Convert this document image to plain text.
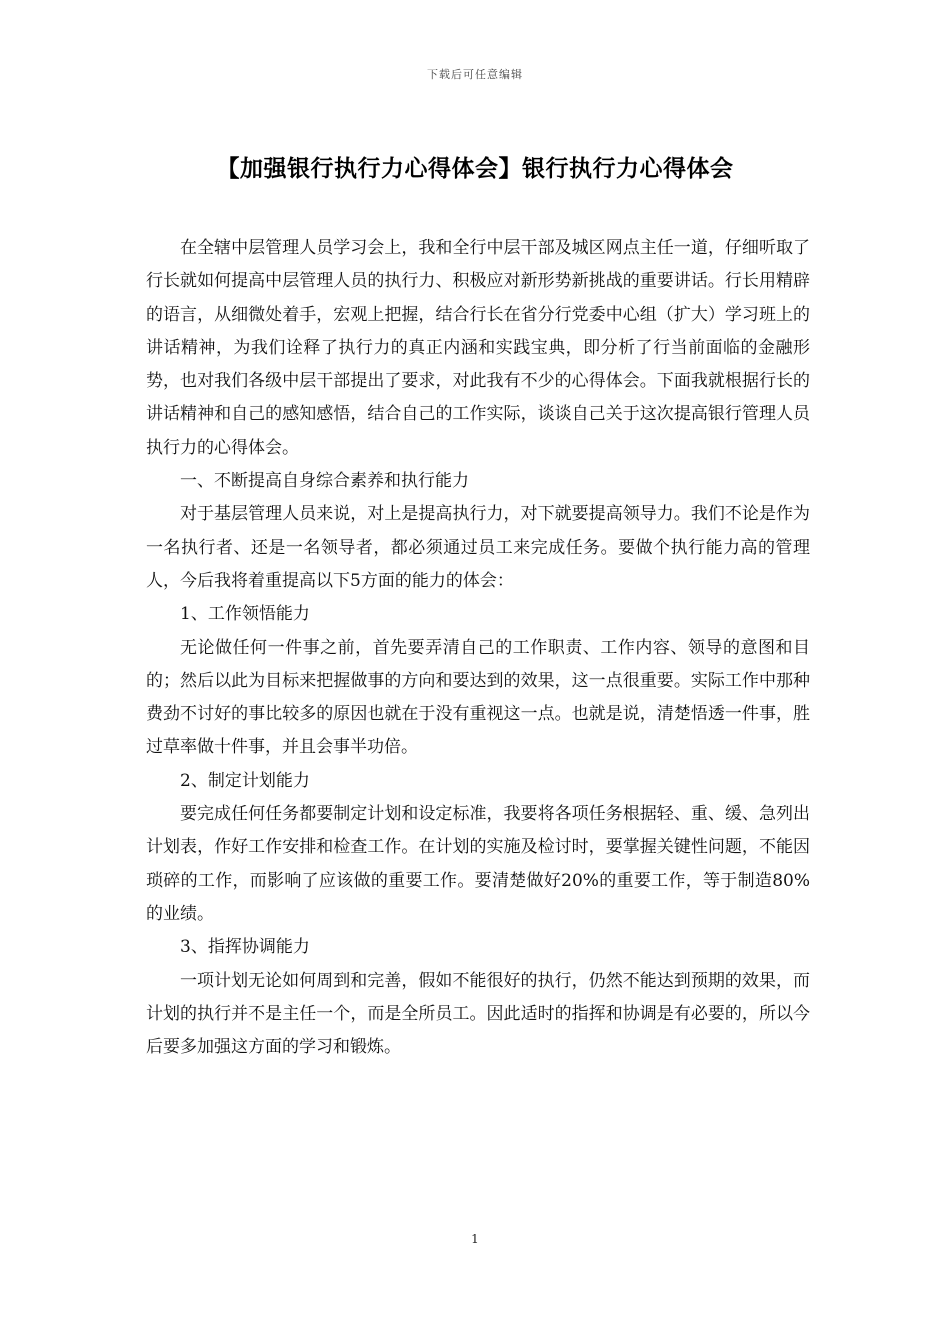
下载后可任意编辑
【加强银行执行力心得体会】银行执行力心得体会

在全辖中层管理人员学习会上，我和全行中层干部及城区网点主任一道，仔细听取了行长就如何提高中层管理人员的执行力、积极应对新形势新挑战的重要讲话。行长用精辟的语言，从细微处着手，宏观上把握，结合行长在省分行党委中心组（扩大）学习班上的讲话精神，为我们诠释了执行力的真正内涵和实践宝典，即分析了行当前面临的金融形势，也对我们各级中层干部提出了要求，对此我有不少的心得体会。下面我就根据行长的讲话精神和自己的感知感悟，结合自己的工作实际，谈谈自己关于这次提高银行管理人员执行力的心得体会。

一、不断提高自身综合素养和执行能力

对于基层管理人员来说，对上是提高执行力，对下就要提高领导力。我们不论是作为一名执行者、还是一名领导者，都必须通过员工来完成任务。要做个执行能力高的管理人，今后我将着重提高以下5方面的能力的体会：

1、工作领悟能力

无论做任何一件事之前，首先要弄清自己的工作职责、工作内容、领导的意图和目的；然后以此为目标来把握做事的方向和要达到的效果，这一点很重要。实际工作中那种费劲不讨好的事比较多的原因也就在于没有重视这一点。也就是说，清楚悟透一件事，胜过草率做十件事，并且会事半功倍。

2、制定计划能力

要完成任何任务都要制定计划和设定标准，我要将各项任务根据轻、重、缓、急列出计划表，作好工作安排和检查工作。在计划的实施及检讨时，要掌握关键性问题，不能因琐碎的工作，而影响了应该做的重要工作。要清楚做好20%的重要工作，等于制造80%的业绩。

3、指挥协调能力

一项计划无论如何周到和完善，假如不能很好的执行，仍然不能达到预期的效果，而计划的执行并不是主任一个，而是全所员工。因此适时的指挥和协调是有必要的，所以今后要多加强这方面的学习和锻炼。

1
